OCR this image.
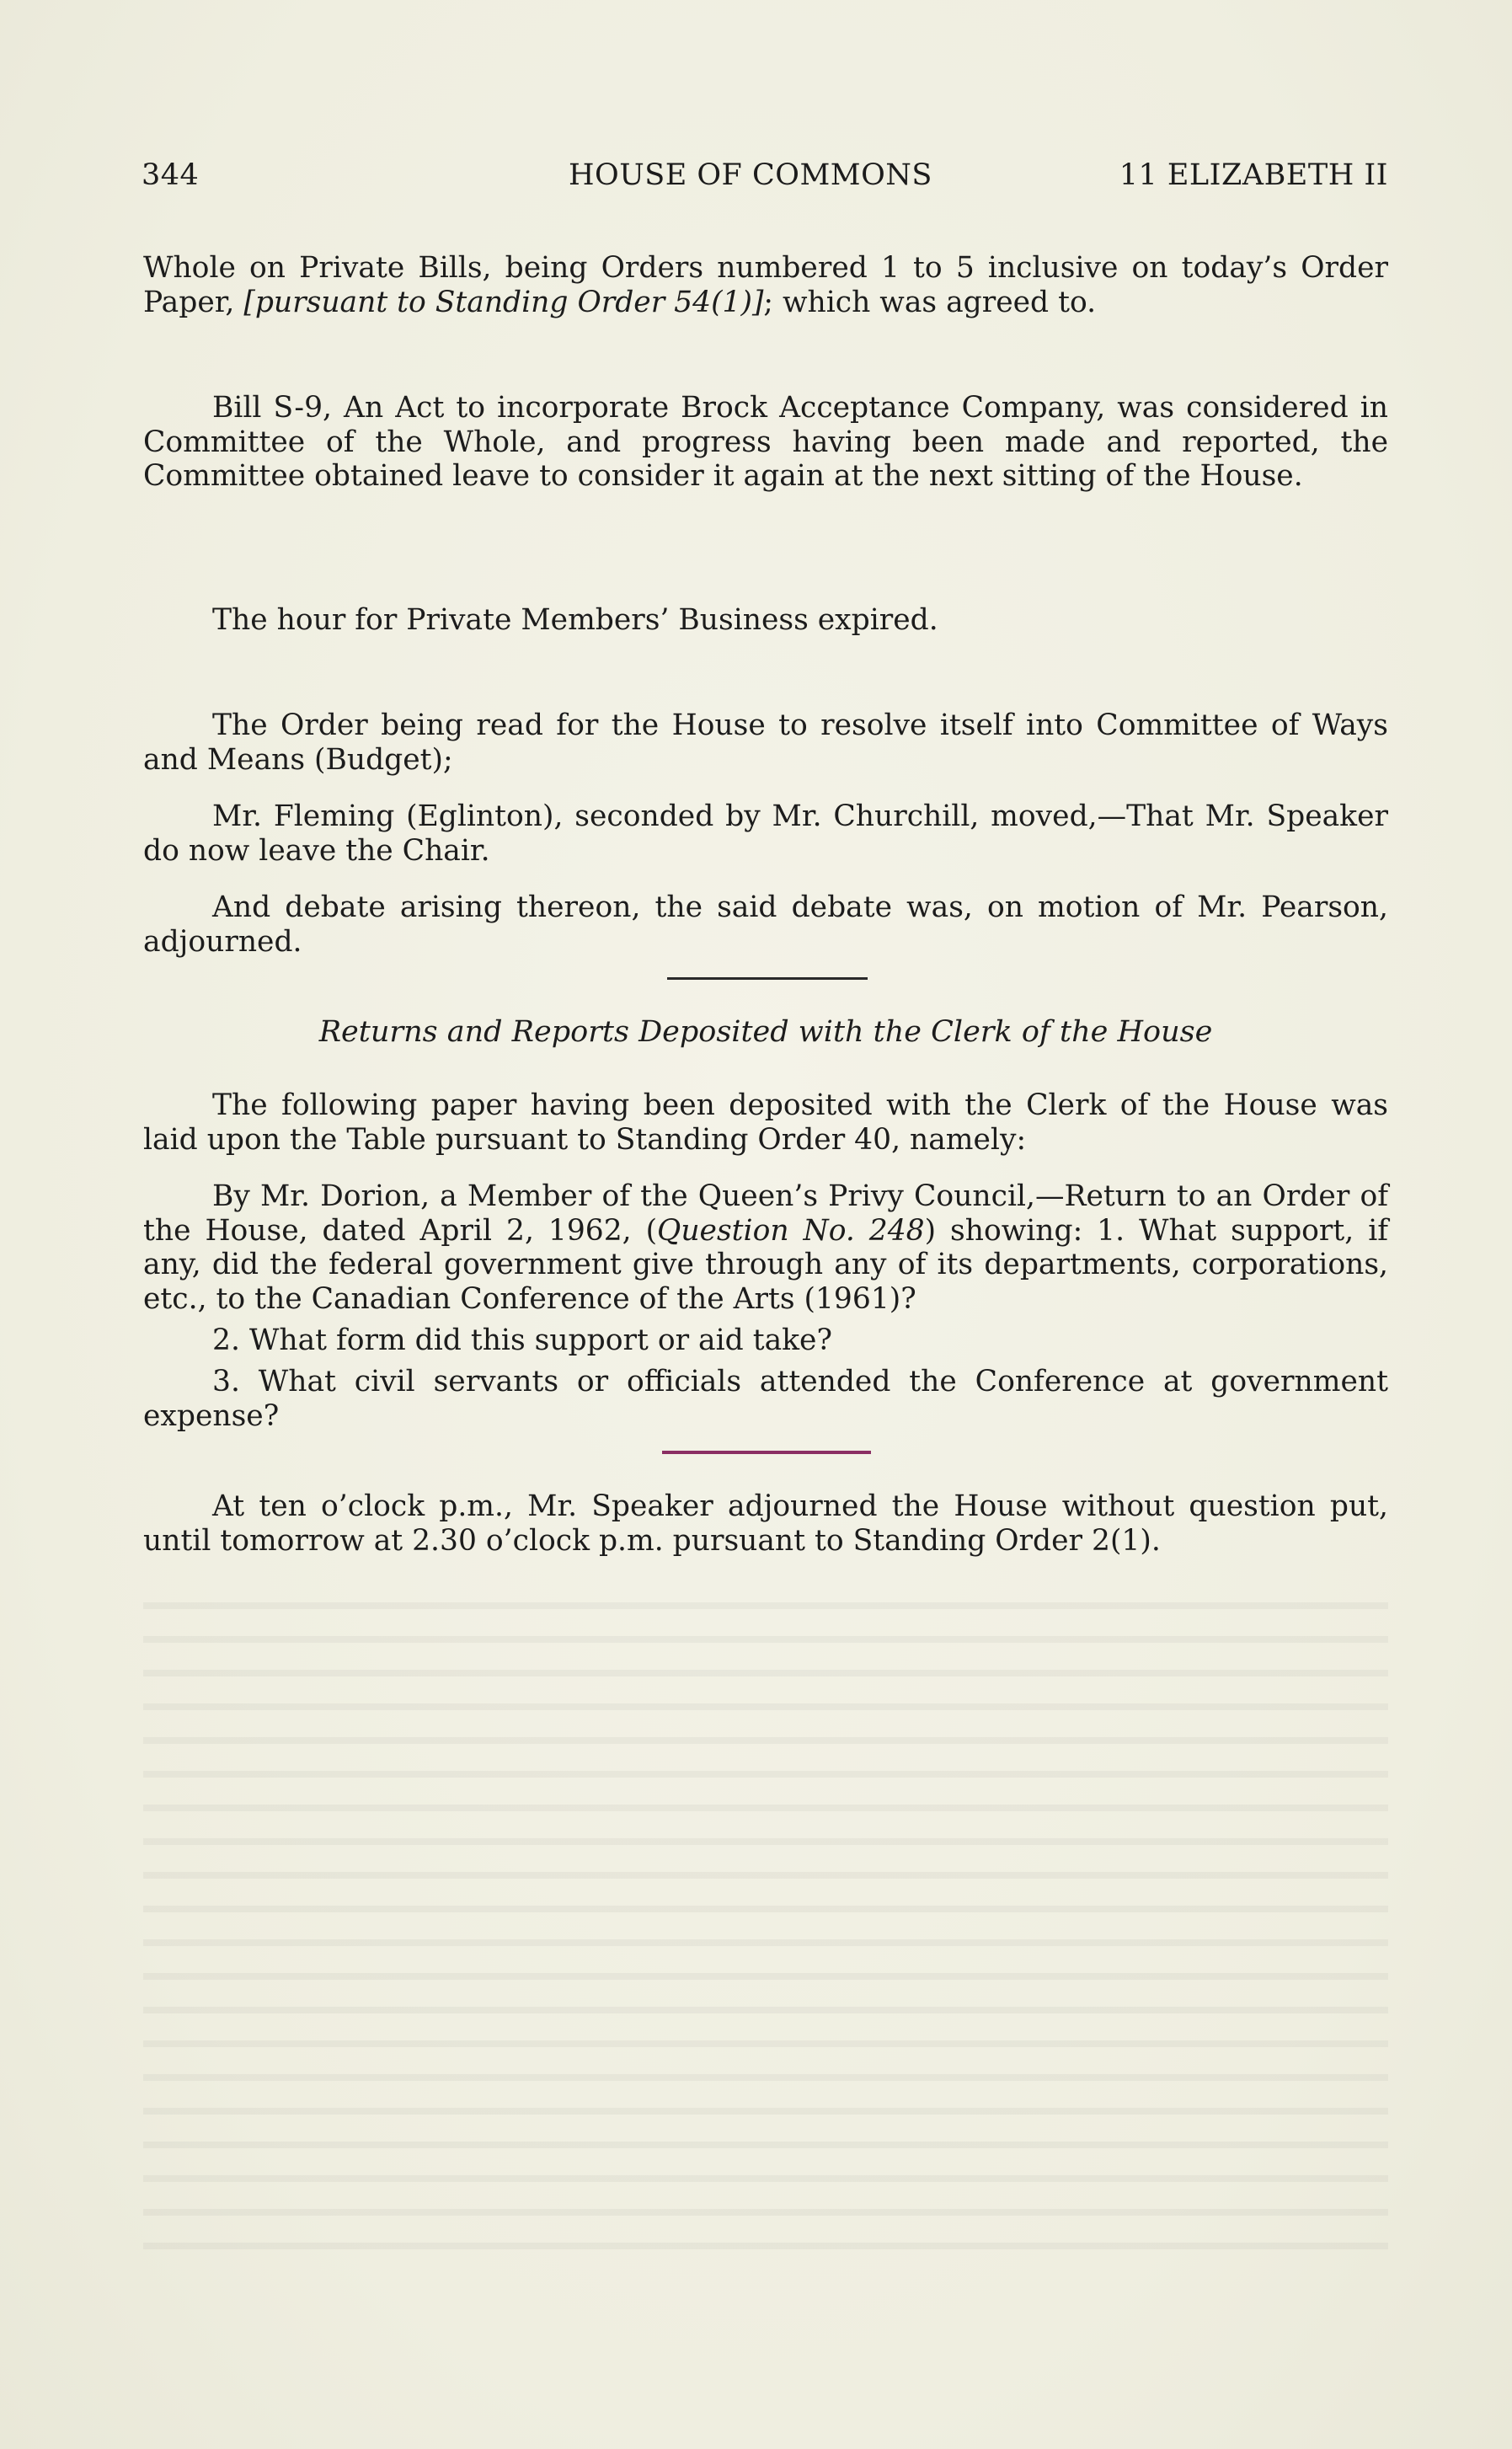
344	HOUSE OF COMMONS	11 ELIZABETH II

Whole on Private Bills, being Orders numbered 1 to 5 inclusive on today’s Order Paper, [pursuant to Standing Order 54(1)]; which was agreed to.

Bill S-9, An Act to incorporate Brock Acceptance Company, was considered in Committee of the Whole, and progress having been made and reported, the Committee obtained leave to consider it again at the next sitting of the House.

The hour for Private Members’ Business expired.

The Order being read for the House to resolve itself into Committee of Ways and Means (Budget);

Mr. Fleming (Eglinton), seconded by Mr. Churchill, moved,—That Mr. Speaker do now leave the Chair.

And debate arising thereon, the said debate was, on motion of Mr. Pearson, adjourned.

Returns and Reports Deposited with the Clerk of the House

The following paper having been deposited with the Clerk of the House was laid upon the Table pursuant to Standing Order 40, namely:

By Mr. Dorion, a Member of the Queen’s Privy Council,—Return to an Order of the House, dated April 2, 1962, (Question No. 248) showing: 1. What support, if any, did the federal government give through any of its departments, corporations, etc., to the Canadian Conference of the Arts (1961)?

2. What form did this support or aid take?

3. What civil servants or officials attended the Conference at government expense?

At ten o’clock p.m., Mr. Speaker adjourned the House without question put, until tomorrow at 2.30 o’clock p.m. pursuant to Standing Order 2(1).
